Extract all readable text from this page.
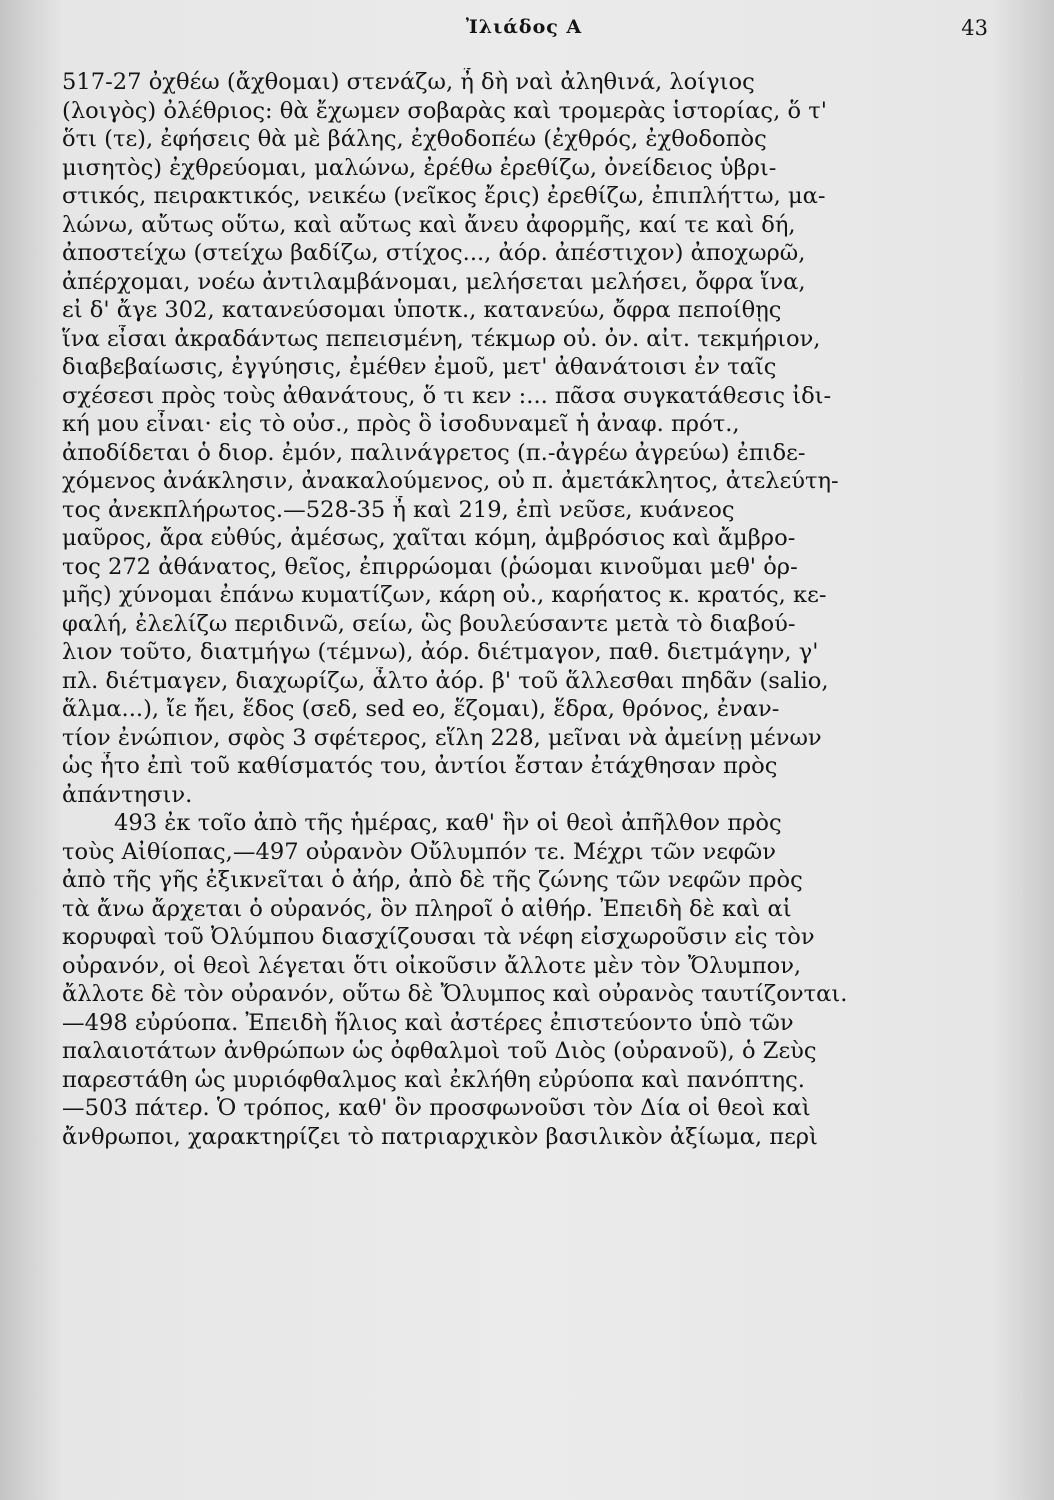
Ἰλιάδος Α	43
517-27 ὀχθέω (ἄχθομαι) στενάζω, ἦ δὴ ναὶ ἀληθινά, λοίγιος
(λοιγὸς) ὀλέθριος: θὰ ἔχωμεν σοβαρὰς καὶ τρομερὰς ἱστορίας, ὅ τ'
ὅτι (τε), ἐφήσεις θὰ μὲ βάλης, ἐχθοδοπέω (ἐχθρός, ἐχθοδοπὸς
μισητὸς) ἐχθρεύομαι, μαλώνω, ἐρέθω ἐρεθίζω, ὀνείδειος ὑβρι-
στικός, πειρακτικός, νεικέω (νεῖκος ἔρις) ἐρεθίζω, ἐπιπλήττω, μα-
λώνω, αὔτως οὕτω, καὶ αὔτως καὶ ἄνευ ἀφορμῆς, καί τε καὶ δή,
ἀποστείχω (στείχω βαδίζω, στίχος..., ἀόρ. ἀπέστιχον) ἀποχωρῶ,
ἀπέρχομαι, νοέω ἀντιλαμβάνομαι, μελήσεται μελήσει, ὄφρα ἵνα,
εἰ δ' ἄγε 302, κατανεύσομαι ὑποτκ., κατανεύω, ὄφρα πεποίθῃς
ἵνα εἶσαι ἀκραδάντως πεπεισμένη, τέκμωρ οὐ. ὀν. αἰτ. τεκμήριον,
διαβεβαίωσις, ἐγγύησις, ἐμέθεν ἐμοῦ, μετ' ἀθανάτοισι ἐν ταῖς
σχέσεσι πρὸς τοὺς ἀθανάτους, ὅ τι κεν :... πᾶσα συγκατάθεσις ἰδι-
κή μου εἶναι· εἰς τὸ οὐσ., πρὸς ὃ ἰσοδυναμεῖ ἡ ἀναφ. πρότ.,
ἀποδίδεται ὁ διορ. ἐμόν, παλινάγρετος (π.-ἀγρέω ἀγρεύω) ἐπιδε-
χόμενος ἀνάκλησιν, ἀνακαλούμενος, οὐ π. ἀμετάκλητος, ἀτελεύτη-
τος ἀνεκπλήρωτος.—528-35 ἦ καὶ 219, ἐπὶ νεῦσε, κυάνεος
μαῦρος, ἄρα εὐθύς, ἀμέσως, χαῖται κόμη, ἀμβρόσιος καὶ ἄμβρο-
τος 272 ἀθάνατος, θεῖος, ἐπιρρώομαι (ῥώομαι κινοῦμαι μεθ' ὁρ-
μῆς) χύνομαι ἐπάνω κυματίζων, κάρη οὐ., καρήατος κ. κρατός, κε-
φαλή, ἐλελίζω περιδινῶ, σείω, ὣς βουλεύσαντε μετὰ τὸ διαβού-
λιον τοῦτο, διατμήγω (τέμνω), ἀόρ. διέτμαγον, παθ. διετμάγην, γ'
πλ. διέτμαγεν, διαχωρίζω, ἆλτο ἀόρ. β' τοῦ ἅλλεσθαι πηδᾶν (salio,
ἅλμα...), ἴε ἤει, ἕδος (σεδ, sed eo, ἕζομαι), ἕδρα, θρόνος, ἐναν-
τίον ἐνώπιον, σφὸς 3 σφέτερος, εἵλη 228, μεῖναι νὰ ἀμείνῃ μένων
ὡς ἦτο ἐπὶ τοῦ καθίσματός του, ἀντίοι ἔσταν ἐτάχθησαν πρὸς
ἀπάντησιν.
493 ἐκ τοῖο ἀπὸ τῆς ἡμέρας, καθ' ἣν οἱ θεοὶ ἀπῆλθον πρὸς
τοὺς Αἰθίοπας,—497 οὐρανὸν Οὔλυμπόν τε. Μέχρι τῶν νεφῶν
ἀπὸ τῆς γῆς ἐξικνεῖται ὁ ἀήρ, ἀπὸ δὲ τῆς ζώνης τῶν νεφῶν πρὸς
τὰ ἄνω ἄρχεται ὁ οὐρανός, ὃν πληροῖ ὁ αἰθήρ. Ἐπειδὴ δὲ καὶ αἱ
κορυφαὶ τοῦ Ὀλύμπου διασχίζουσαι τὰ νέφη εἰσχωροῦσιν εἰς τὸν
οὐρανόν, οἱ θεοὶ λέγεται ὅτι οἰκοῦσιν ἄλλοτε μὲν τὸν Ὄλυμπον,
ἄλλοτε δὲ τὸν οὐρανόν, οὕτω δὲ Ὄλυμπος καὶ οὐρανὸς ταυτίζονται.
—498 εὐρύοπα. Ἐπειδὴ ἥλιος καὶ ἀστέρες ἐπιστεύοντο ὑπὸ τῶν
παλαιοτάτων ἀνθρώπων ὡς ὀφθαλμοὶ τοῦ Διὸς (οὐρανοῦ), ὁ Ζεὺς
παρεστάθη ὡς μυριόφθαλμος καὶ ἐκλήθη εὐρύοπα καὶ πανόπτης.
—503 πάτερ. Ὁ τρόπος, καθ' ὃν προσφωνοῦσι τὸν Δία οἱ θεοὶ καὶ
ἄνθρωποι, χαρακτηρίζει τὸ πατριαρχικὸν βασιλικὸν ἀξίωμα, περὶ
